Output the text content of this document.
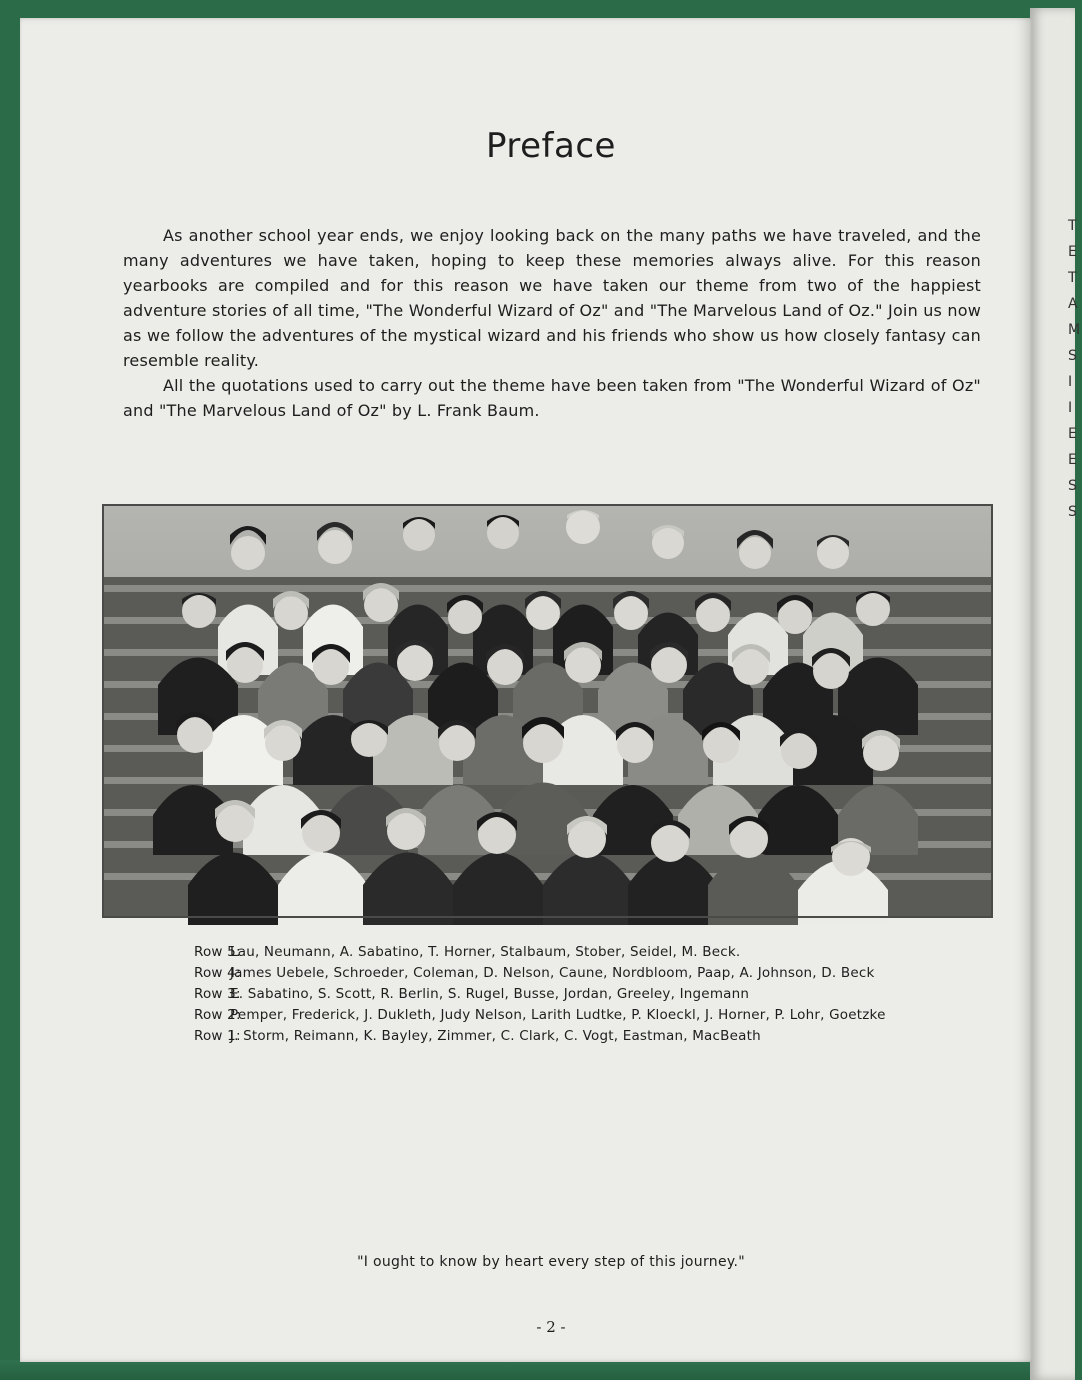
T
E
T
A
M
S
I
I
E
E
S
S
Preface

As another school year ends, we enjoy looking back on the many paths we have traveled, and the many adventures we have taken, hoping to keep these memories always alive. For this reason yearbooks are compiled and for this reason we have taken our theme from two of the happiest adventure stories of all time, "The Wonderful Wizard of Oz" and "The Marvelous Land of Oz." Join us now as we follow the adventures of the mystical wizard and his friends who show us how closely fantasy can resemble reality.

All the quotations used to carry out the theme have been taken from "The Wonderful Wizard of Oz" and "The Marvelous Land of Oz" by L. Frank Baum.

Row 5:
Lau, Neumann, A. Sabatino, T. Horner, Stalbaum, Stober, Seidel, M. Beck.

Row 4:
James Uebele, Schroeder, Coleman, D. Nelson, Caune, Nordbloom, Paap, A. Johnson, D. Beck

Row 3:
E. Sabatino, S. Scott, R. Berlin, S. Rugel, Busse, Jordan, Greeley, Ingemann

Row 2:
Pemper, Frederick, J. Dukleth, Judy Nelson, Larith Ludtke, P. Kloeckl, J. Horner, P. Lohr, Goetzke

Row 1:
J. Storm, Reimann, K. Bayley, Zimmer, C. Clark, C. Vogt, Eastman, MacBeath

"I ought to know by heart every step of this journey."
- 2 -
